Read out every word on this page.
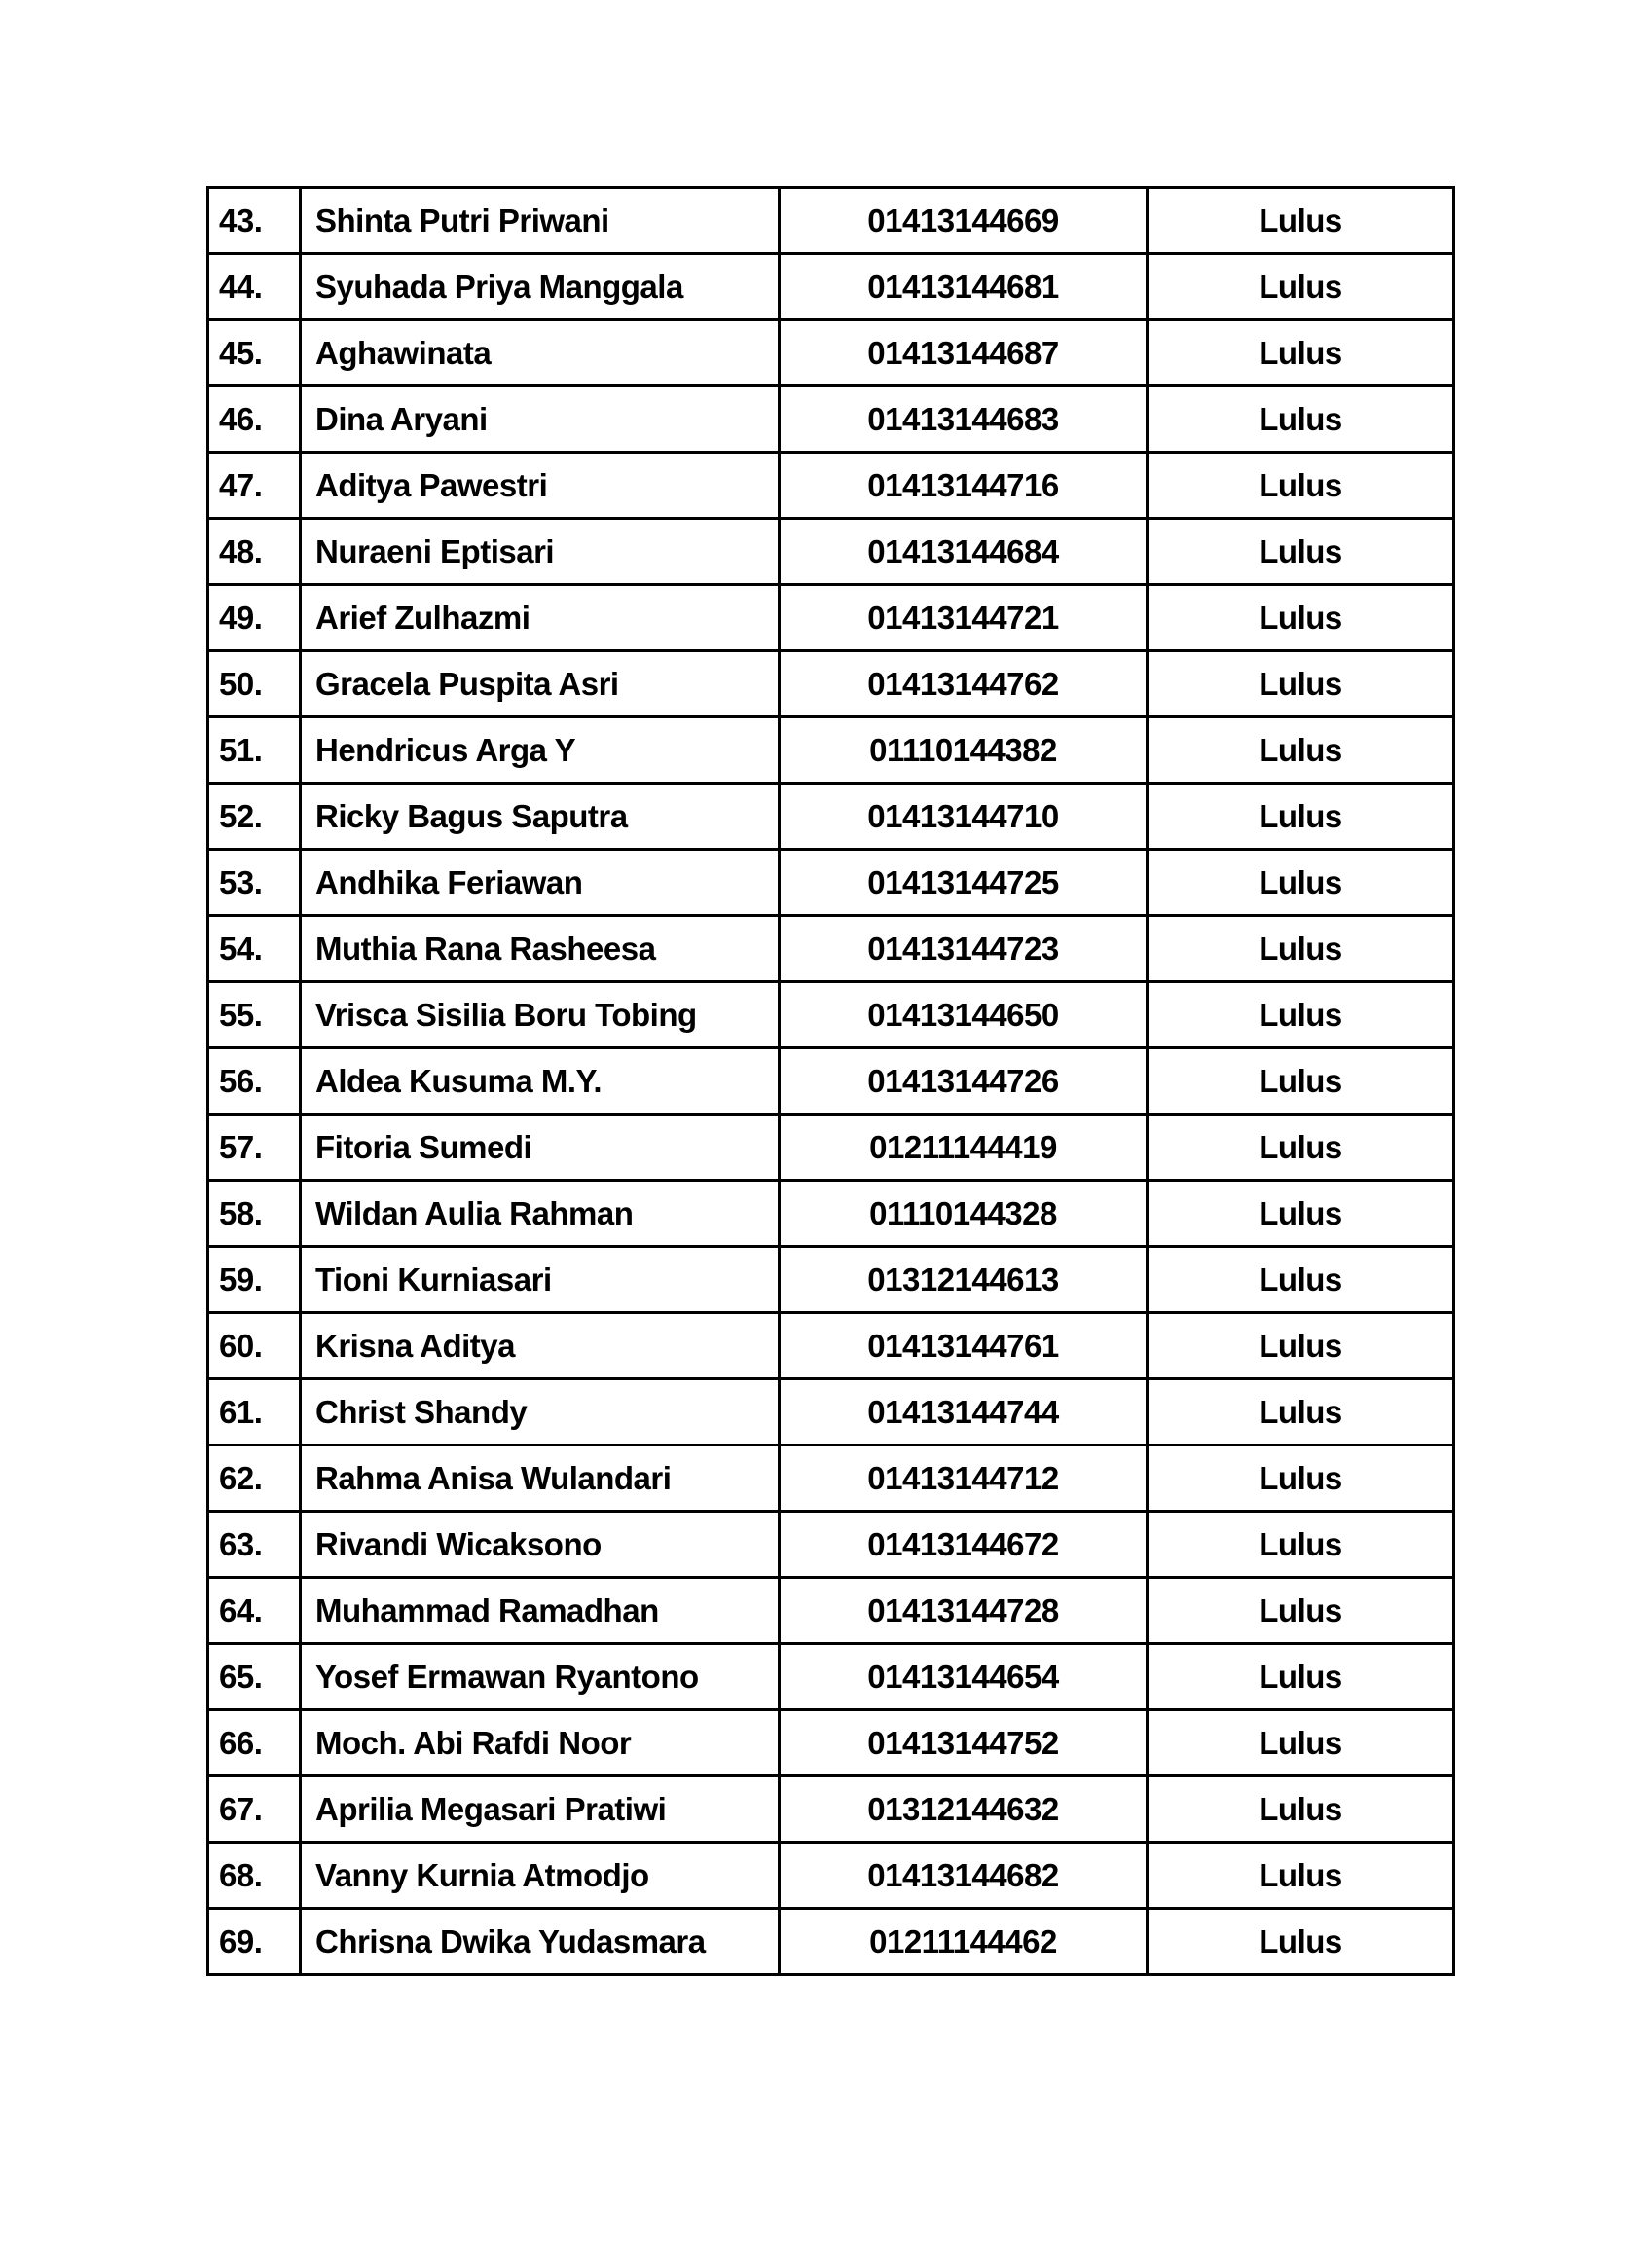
43.	Shinta Putri Priwani	01413144669	Lulus
44.	Syuhada Priya Manggala	01413144681	Lulus
45.	Aghawinata	01413144687	Lulus
46.	Dina Aryani	01413144683	Lulus
47.	Aditya Pawestri	01413144716	Lulus
48.	Nuraeni Eptisari	01413144684	Lulus
49.	Arief Zulhazmi	01413144721	Lulus
50.	Gracela Puspita Asri	01413144762	Lulus
51.	Hendricus Arga Y	01110144382	Lulus
52.	Ricky Bagus Saputra	01413144710	Lulus
53.	Andhika Feriawan	01413144725	Lulus
54.	Muthia Rana Rasheesa	01413144723	Lulus
55.	Vrisca Sisilia Boru Tobing	01413144650	Lulus
56.	Aldea Kusuma M.Y.	01413144726	Lulus
57.	Fitoria Sumedi	01211144419	Lulus
58.	Wildan Aulia Rahman	01110144328	Lulus
59.	Tioni Kurniasari	01312144613	Lulus
60.	Krisna Aditya	01413144761	Lulus
61.	Christ Shandy	01413144744	Lulus
62.	Rahma Anisa Wulandari	01413144712	Lulus
63.	Rivandi Wicaksono	01413144672	Lulus
64.	Muhammad Ramadhan	01413144728	Lulus
65.	Yosef Ermawan Ryantono	01413144654	Lulus
66.	Moch. Abi Rafdi Noor	01413144752	Lulus
67.	Aprilia Megasari Pratiwi	01312144632	Lulus
68.	Vanny Kurnia Atmodjo	01413144682	Lulus
69.	Chrisna Dwika Yudasmara	01211144462	Lulus
